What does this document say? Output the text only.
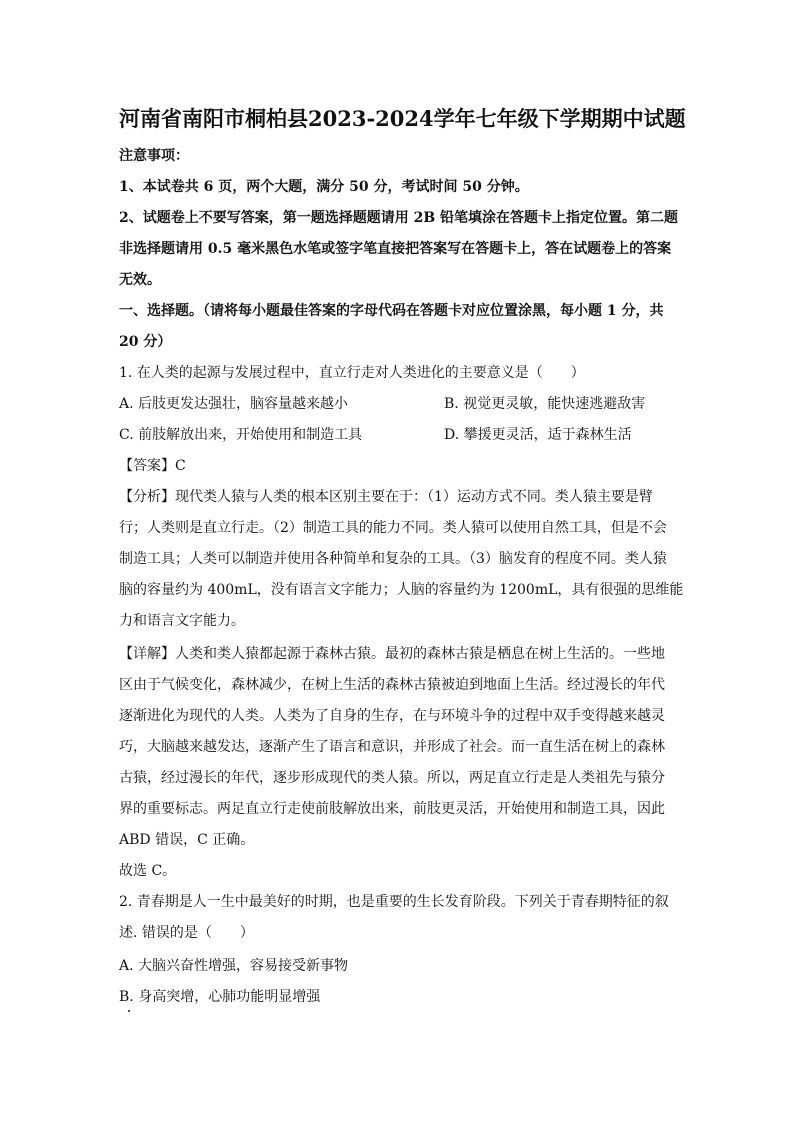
河南省南阳市桐柏县2023-2024学年七年级下学期期中试题
注意事项：
1、本试卷共 6 页，两个大题，满分 50 分，考试时间 50 分钟。
2、试题卷上不要写答案，第一题选择题题请用 2B 铅笔填涂在答题卡上指定位置。第二题
非选择题请用 0.5 毫米黑色水笔或签字笔直接把答案写在答题卡上，答在试题卷上的答案
无效。
一、选择题。（请将每小题最佳答案的字母代码在答题卡对应位置涂黑，每小题 1 分，共
20 分）
1. 在人类的起源与发展过程中，直立行走对人类进化的主要意义是（　　）
A. 后肢更发达强壮，脑容量越来越小	B. 视觉更灵敏，能快速逃避敌害
C. 前肢解放出来，开始使用和制造工具	D. 攀援更灵活，适于森林生活
【答案】C
【分析】现代类人猿与人类的根本区别主要在于：（1）运动方式不同。类人猿主要是臂
行；人类则是直立行走。（2）制造工具的能力不同。类人猿可以使用自然工具，但是不会
制造工具；人类可以制造并使用各种简单和复杂的工具。（3）脑发育的程度不同。类人猿
脑的容量约为 400mL，没有语言文字能力；人脑的容量约为 1200mL，具有很强的思维能
力和语言文字能力。
【详解】人类和类人猿都起源于森林古猿。最初的森林古猿是栖息在树上生活的。一些地
区由于气候变化，森林减少，在树上生活的森林古猿被迫到地面上生活。经过漫长的年代
逐渐进化为现代的人类。人类为了自身的生存，在与环境斗争的过程中双手变得越来越灵
巧，大脑越来越发达，逐渐产生了语言和意识，并形成了社会。而一直生活在树上的森林
古猿，经过漫长的年代，逐步形成现代的类人猿。所以，两足直立行走是人类祖先与猿分
界的重要标志。两足直立行走使前肢解放出来，前肢更灵活，开始使用和制造工具，因此
ABD 错误，C 正确。
故选 C。
2. 青春期是人一生中最美好的时期，也是重要的生长发育阶段。下列关于青春期特征的叙
述. 错误的是（　　）
A. 大脑兴奋性增强，容易接受新事物
B. 身高突增，心肺功能明显增强
